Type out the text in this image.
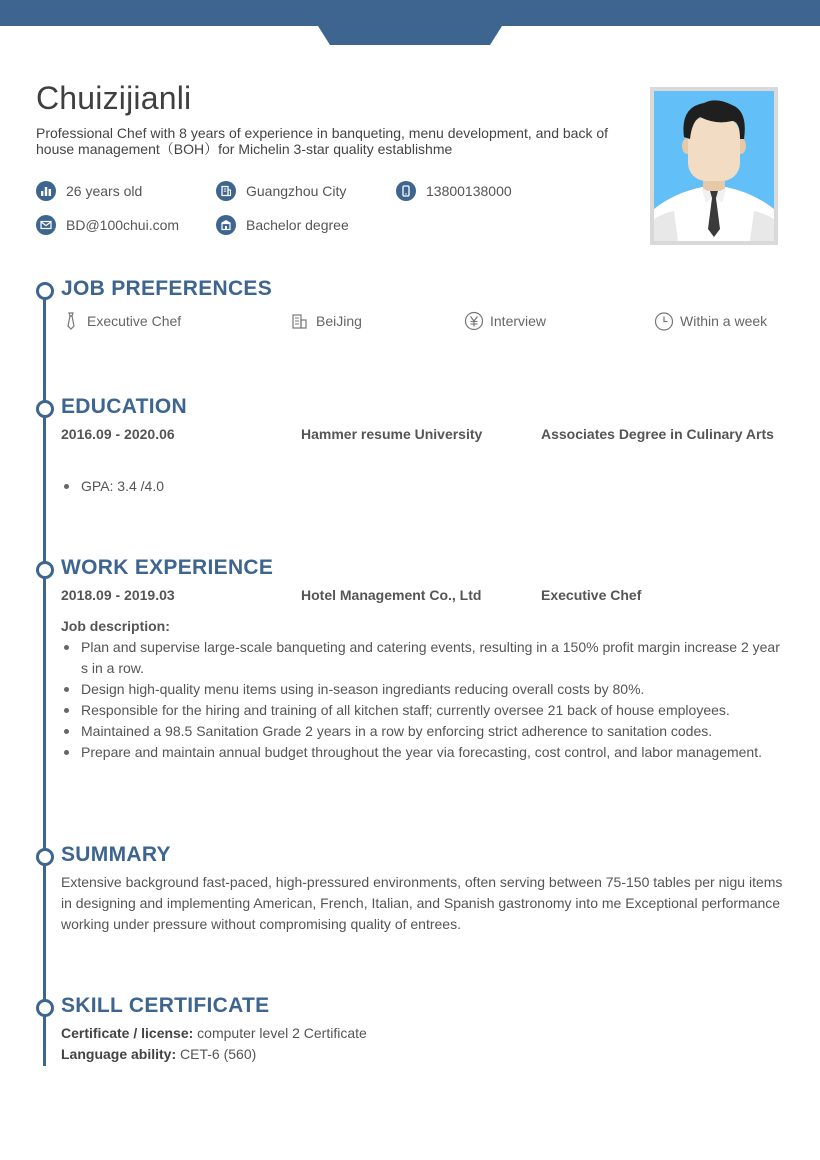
Chuizijianli

Professional Chef with 8 years of experience in banqueting, menu development, and back of house management（BOH）for Michelin 3-star quality establishme

26 years old	Guangzhou City	13800138000
BD@100chui.com	Bachelor degree
JOB PREFERENCES
Executive Chef	BeiJing	Interview	Within a week
EDUCATION
2016.09 - 2020.06	Hammer resume University	Associates Degree in Culinary Arts
GPA: 3.4 /4.0
WORK EXPERIENCE
2018.09 - 2019.03	Hotel Management Co., Ltd	Executive Chef
Job description:
Plan and supervise large-scale banqueting and catering events, resulting in a 150% profit margin increase 2 years in a row.
Design high-quality menu items using in-season ingrediants reducing overall costs by 80%.
Responsible for the hiring and training of all kitchen staff; currently oversee 21 back of house employees.
Maintained a 98.5 Sanitation Grade 2 years in a row by enforcing strict adherence to sanitation codes.
Prepare and maintain annual budget throughout the year via forecasting, cost control, and labor management.
SUMMARY

Extensive background fast-paced, high-pressured environments, often serving between 75-150 tables per nigu items in designing and implementing American, French, Italian, and Spanish gastronomy into me Exceptional performance working under pressure without compromising quality of entrees.

SKILL CERTIFICATE
Certificate / license: computer level 2 Certificate
Language ability: CET-6 (560)
